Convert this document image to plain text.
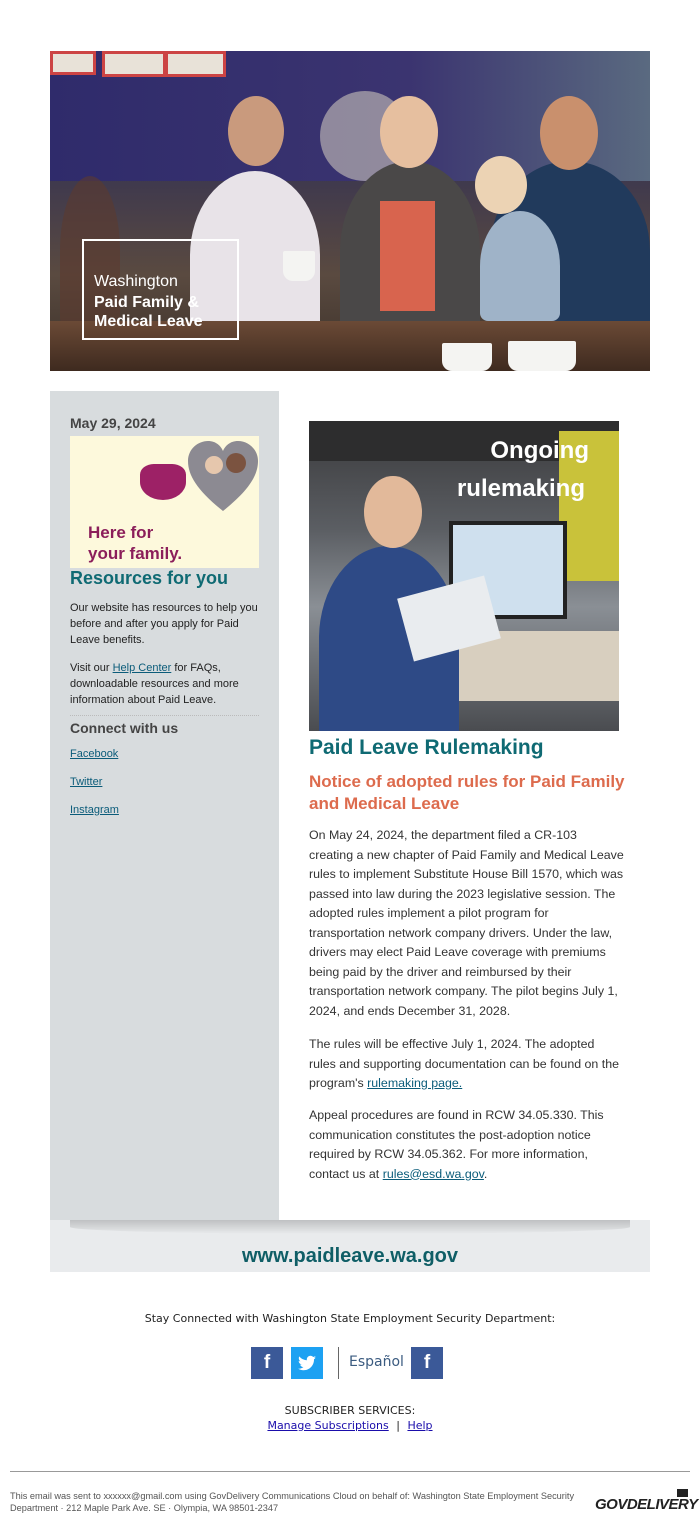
Washington
Paid Family &
Medical Leave
May 29, 2024
Here for
your family.
Resources for you
Our website has resources to help you before and after you apply for Paid Leave benefits.
Visit our Help Center for FAQs, downloadable resources and more information about Paid Leave.
Connect with us
Facebook
Twitter
Instagram
Ongoing
rulemaking
Paid Leave Rulemaking
Notice of adopted rules for Paid Family and Medical Leave
On May 24, 2024, the department filed a CR-103 creating a new chapter of Paid Family and Medical Leave rules to implement Substitute House Bill 1570, which was passed into law during the 2023 legislative session. The adopted rules implement a pilot program for transportation network company drivers. Under the law, drivers may elect Paid Leave coverage with premiums being paid by the driver and reimbursed by their transportation network company. The pilot begins July 1, 2024, and ends December 31, 2028.
The rules will be effective July 1, 2024. The adopted rules and supporting documentation can be found on the program's rulemaking page.
Appeal procedures are found in RCW 34.05.330. This communication constitutes the post-adoption notice required by RCW 34.05.362. For more information, contact us at rules@esd.wa.gov.
www.paidleave.wa.gov
Stay Connected with Washington State Employment Security Department:
f	Español	f
SUBSCRIBER SERVICES:
Manage Subscriptions | Help
This email was sent to xxxxxx@gmail.com using GovDelivery Communications Cloud on behalf of: Washington State Employment Security Department · 212 Maple Park Ave. SE · Olympia, WA 98501-2347	GOVDELIVERY
